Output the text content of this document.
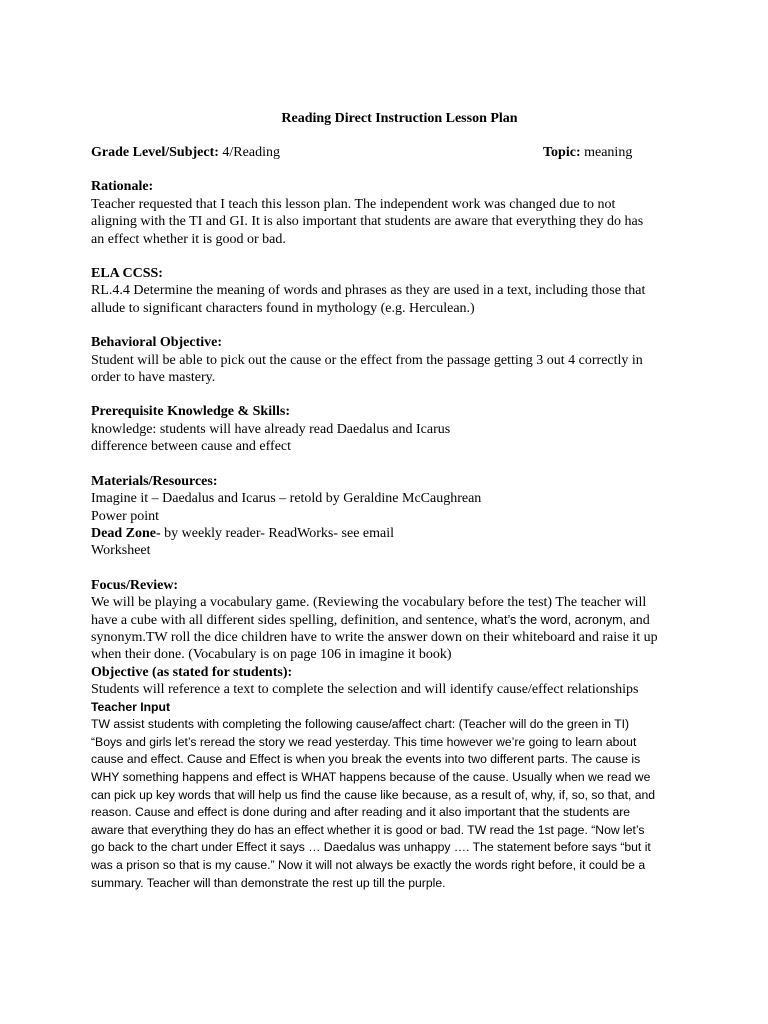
Reading Direct Instruction Lesson Plan
Grade Level/Subject: 4/Reading	Topic: meaning
Rationale:
Teacher requested that I teach this lesson plan. The independent work was changed due to not
aligning with the TI and GI. It is also important that students are aware that everything they do has
an effect whether it is good or bad.
ELA CCSS:
RL.4.4 Determine the meaning of words and phrases as they are used in a text, including those that
allude to significant characters found in mythology (e.g. Herculean.)
Behavioral Objective:
Student will be able to pick out the cause or the effect from the passage getting 3 out 4 correctly in
order to have mastery.
Prerequisite Knowledge & Skills:
knowledge: students will have already read Daedalus and Icarus
difference between cause and effect
Materials/Resources:
Imagine it – Daedalus and Icarus – retold by Geraldine McCaughrean
Power point
Dead Zone- by weekly reader- ReadWorks- see email
Worksheet
Focus/Review:
We will be playing a vocabulary game. (Reviewing the vocabulary before the test) The teacher will
have a cube with all different sides spelling, definition, and sentence, what’s the word, acronym, and
synonym.TW roll the dice children have to write the answer down on their whiteboard and raise it up
when their done. (Vocabulary is on page 106 in imagine it book)
Objective (as stated for students):
Students will reference a text to complete the selection and will identify cause/effect relationships
Teacher Input
TW assist students with completing the following cause/affect chart: (Teacher will do the green in TI)
“Boys and girls let’s reread the story we read yesterday. This time however we’re going to learn about
cause and effect. Cause and Effect is when you break the events into two different parts. The cause is
WHY something happens and effect is WHAT happens because of the cause. Usually when we read we
can pick up key words that will help us find the cause like because, as a result of, why, if, so, so that, and
reason. Cause and effect is done during and after reading and it also important that the students are
aware that everything they do has an effect whether it is good or bad. TW read the 1st page. “Now let’s
go back to the chart under Effect it says … Daedalus was unhappy …. The statement before says “but it
was a prison so that is my cause.” Now it will not always be exactly the words right before, it could be a
summary. Teacher will than demonstrate the rest up till the purple.
